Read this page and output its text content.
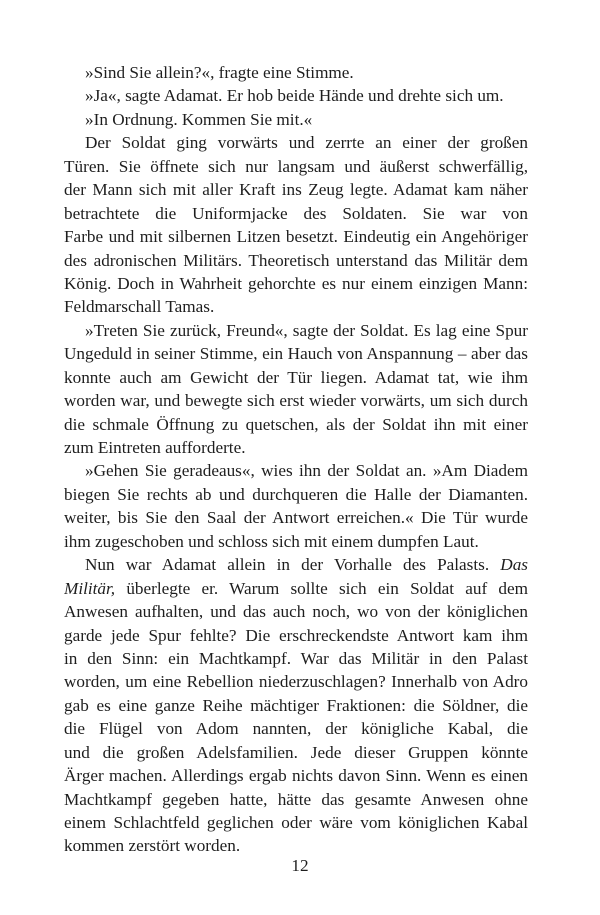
»Sind Sie allein?«, fragte eine Stimme.
»Ja«, sagte Adamat. Er hob beide Hände und drehte sich um.
»In Ordnung. Kommen Sie mit.«
Der Soldat ging vorwärts und zerrte an einer der großen
Türen. Sie öffnete sich nur langsam und äußerst schwerfällig,
der Mann sich mit aller Kraft ins Zeug legte. Adamat kam näher
betrachtete die Uniformjacke des Soldaten. Sie war von
Farbe und mit silbernen Litzen besetzt. Eindeutig ein Angehöriger
des adronischen Militärs. Theoretisch unterstand das Militär dem
König. Doch in Wahrheit gehorchte es nur einem einzigen Mann:
Feldmarschall Tamas.
»Treten Sie zurück, Freund«, sagte der Soldat. Es lag eine Spur
Ungeduld in seiner Stimme, ein Hauch von Anspannung – aber das
konnte auch am Gewicht der Tür liegen. Adamat tat, wie ihm
worden war, und bewegte sich erst wieder vorwärts, um sich durch
die schmale Öffnung zu quetschen, als der Soldat ihn mit einer
zum Eintreten aufforderte.
»Gehen Sie geradeaus«, wies ihn der Soldat an. »Am Diadem
biegen Sie rechts ab und durchqueren die Halle der Diamanten.
weiter, bis Sie den Saal der Antwort erreichen.« Die Tür wurde
ihm zugeschoben und schloss sich mit einem dumpfen Laut.
Nun war Adamat allein in der Vorhalle des Palasts. Das
Militär, überlegte er. Warum sollte sich ein Soldat auf dem
Anwesen aufhalten, und das auch noch, wo von der königlichen
garde jede Spur fehlte? Die erschreckendste Antwort kam ihm
in den Sinn: ein Machtkampf. War das Militär in den Palast
worden, um eine Rebellion niederzuschlagen? Innerhalb von Adro
gab es eine ganze Reihe mächtiger Fraktionen: die Söldner, die
die Flügel von Adom nannten, der königliche Kabal, die
und die großen Adelsfamilien. Jede dieser Gruppen könnte
Ärger machen. Allerdings ergab nichts davon Sinn. Wenn es einen
Machtkampf gegeben hatte, hätte das gesamte Anwesen ohne
einem Schlachtfeld geglichen oder wäre vom königlichen Kabal
kommen zerstört worden.
12
